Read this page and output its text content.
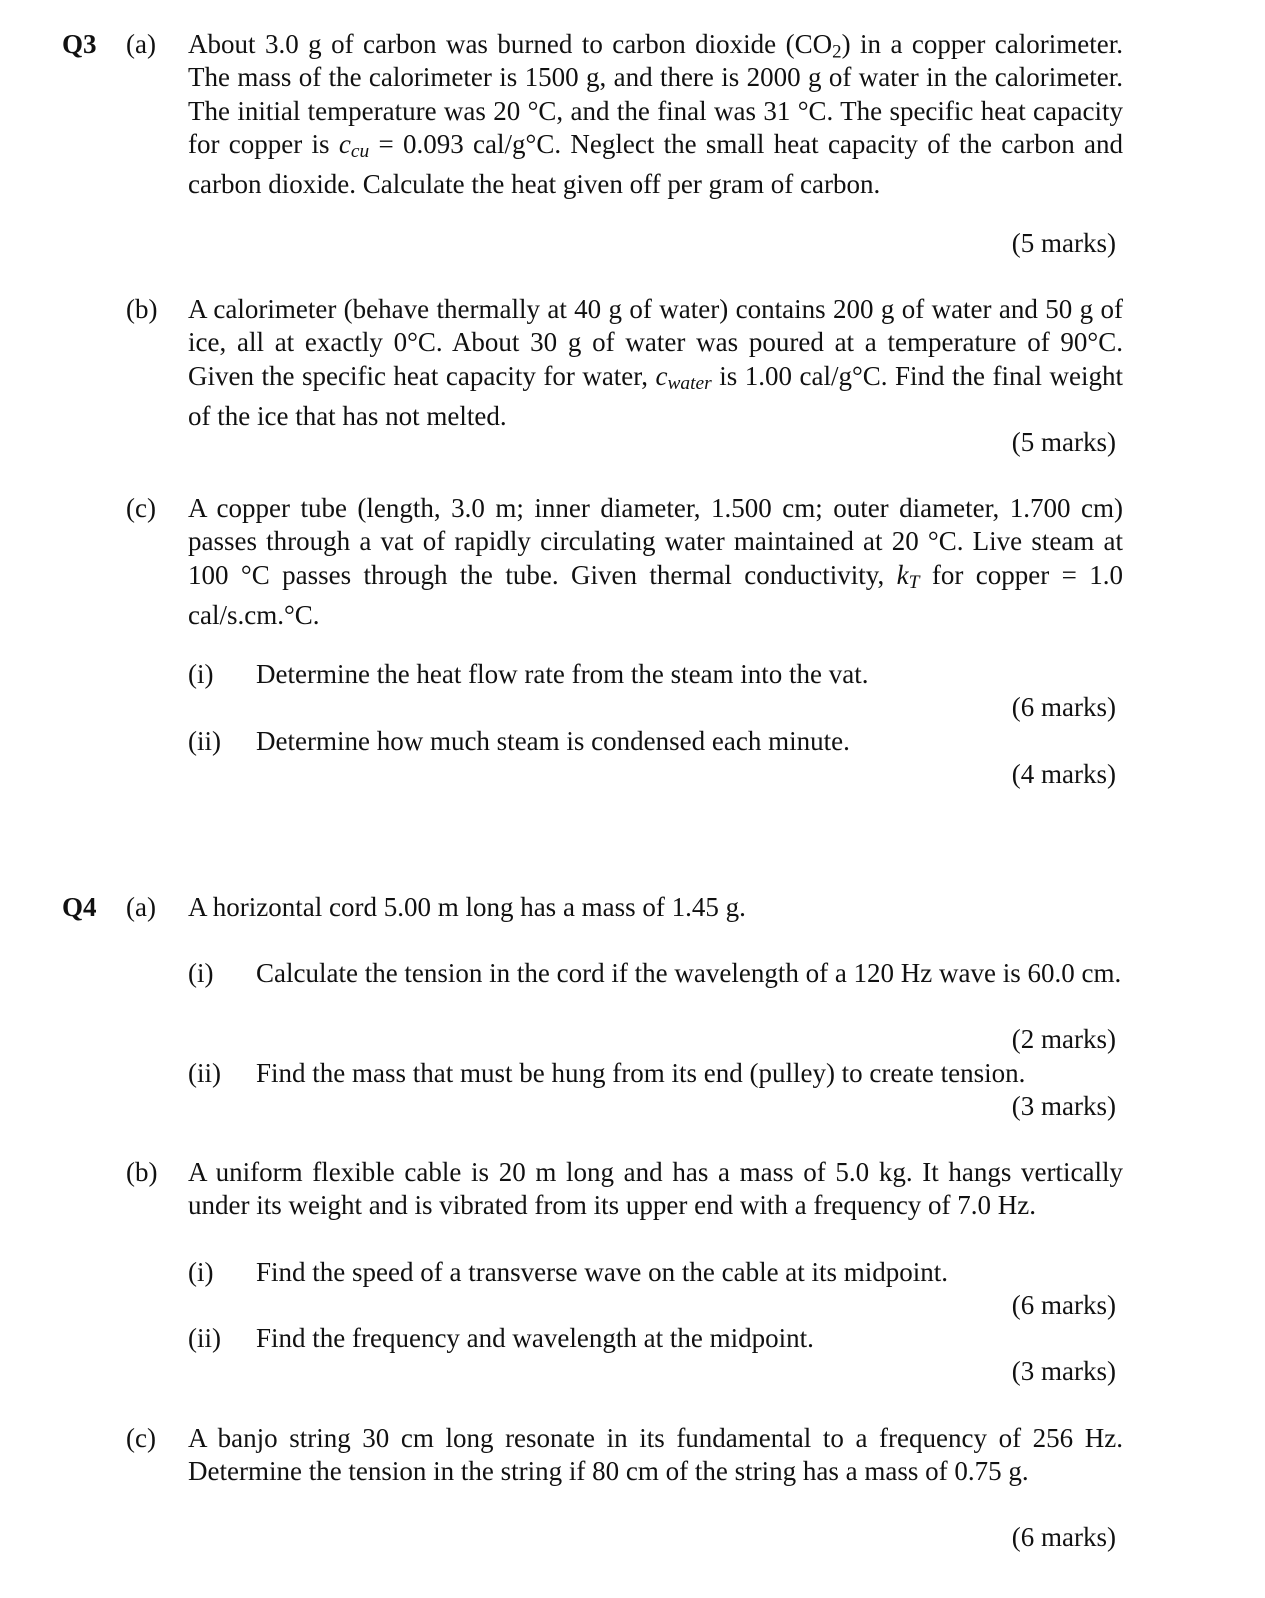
Q3 (a) About 3.0 g of carbon was burned to carbon dioxide $(CO_2)$ in a copper calorimeter. The mass of the calorimeter is 1500 g, and there is 2000 g of water in the calorimeter. The initial temperature was 20 °C, and the final was 31 °C. The specific heat capacity for copper is ccu = 0.093 cal/g°C. Neglect the small heat capacity of the carbon and carbon dioxide. Calculate the heat given off per gram of carbon.
(5 marks)
(b) A calorimeter (behave thermally at 40 g of water) contains 200 g of water and 50 g of ice, all at exactly 0°C. About 30 g of water was poured at a temperature of 90°C. Given the specific heat capacity for water, cwater is 1.00 cal/g°C. Find the final weight of the ice that has not melted.
(5 marks)
(c) A copper tube (length, 3.0 m; inner diameter, 1.500 cm; outer diameter, 1.700 cm) passes through a vat of rapidly circulating water maintained at 20 °C. Live steam at 100 °C passes through the tube. Given thermal conductivity, kT for copper = 1.0 cal/s.cm.°C.
(i) Determine the heat flow rate from the steam into the vat.
(6 marks)
(ii) Determine how much steam is condensed each minute.
(4 marks)
Q4 (a) A horizontal cord 5.00 m long has a mass of 1.45 g.
(i) Calculate the tension in the cord if the wavelength of a 120 Hz wave is 60.0 cm.
(2 marks)
(ii) Find the mass that must be hung from its end (pulley) to create tension.
(3 marks)
(b) A uniform flexible cable is 20 m long and has a mass of 5.0 kg. It hangs vertically under its weight and is vibrated from its upper end with a frequency of 7.0 Hz.
(i) Find the speed of a transverse wave on the cable at its midpoint.
(6 marks)
(ii) Find the frequency and wavelength at the midpoint.
(3 marks)
(c) A banjo string 30 cm long resonate in its fundamental to a frequency of 256 Hz. Determine the tension in the string if 80 cm of the string has a mass of 0.75 g.
(6 marks)
